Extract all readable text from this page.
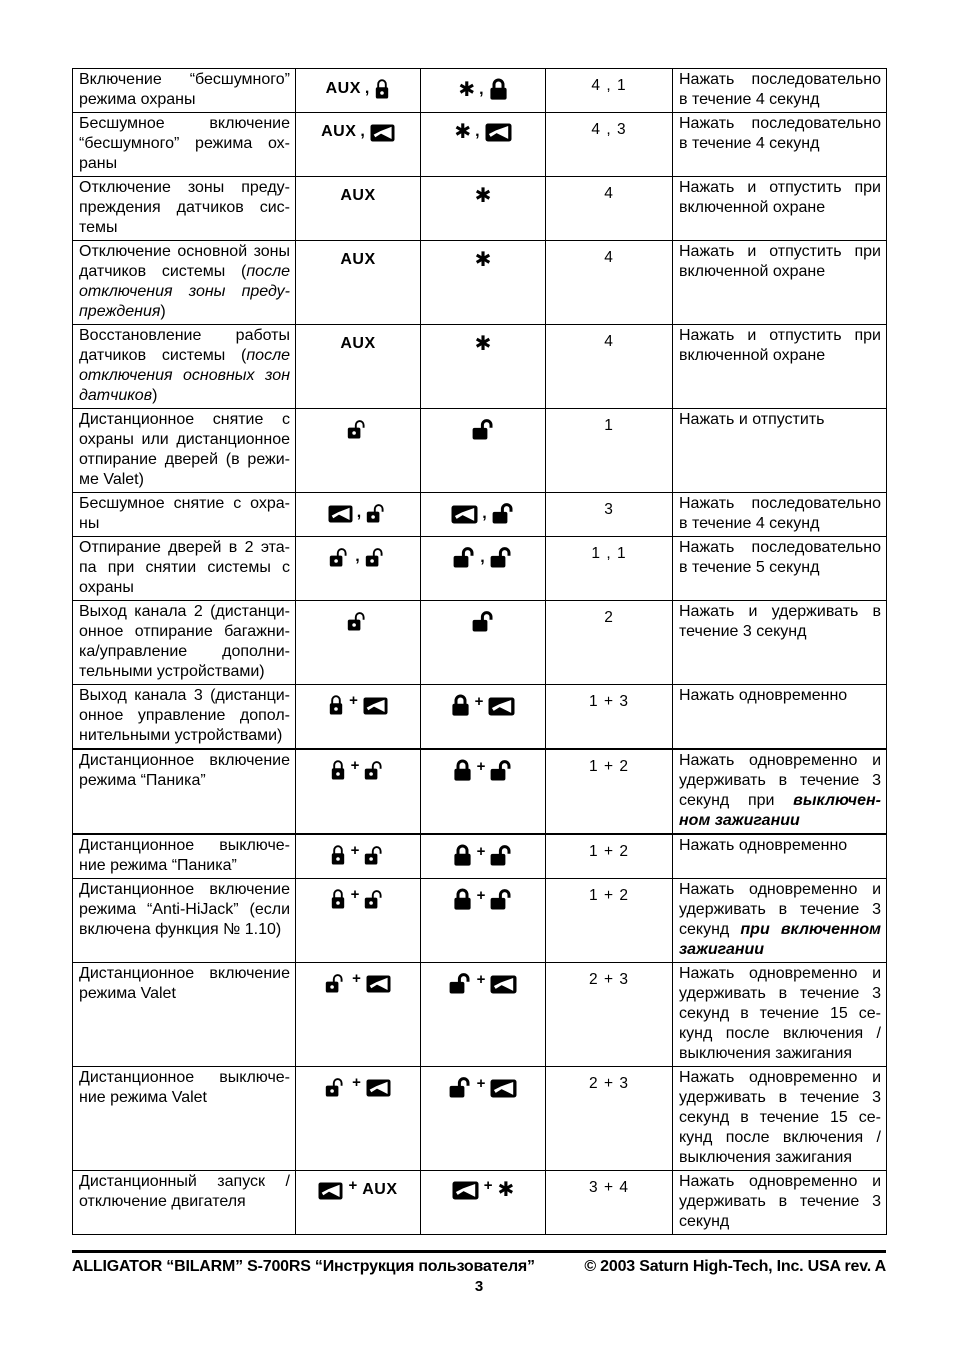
Включение “бесшумного”
режима охраны
	AUX ,	✱ ,	4 , 1	Нажать последовательно
в течение 4 секунд

Бесшумное включение
“бесшумного” режима ох-
раны
	AUX ,	✱ ,	4 , 3	Нажать последовательно
в течение 4 секунд

Отключение зоны преду-
преждения датчиков сис-
темы
	AUX	✱	4	Нажать и отпустить при
включенной охране

Отключение основной зоны
датчиков системы (после
отключения зоны преду-
преждения)
	AUX	✱	4	Нажать и отпустить при
включенной охране

Восстановление работы
датчиков системы (после
отключения основных зон
датчиков)
	AUX	✱	4	Нажать и отпустить при
включенной охране

Дистанционное снятие с
охраны или дистанционное
отпирание дверей (в режи-
ме Valet)			1	Нажать и отпустить

Бесшумное снятие с охра-
ны
	,	,	3	Нажать последовательно
в течение 4 секунд

Отпирание дверей в 2 эта-
па при снятии системы с
охраны
	,	,	1 , 1	Нажать последовательно
в течение 5 секунд

Выход канала 2 (дистанци-
онное отпирание багажни-
ка/управление дополни-
тельными устройствами)
			2	Нажать и удерживать в
течение 3 секунд

Выход канала 3 (дистанци-
онное управление допол-
нительными устройствами)	+	+	1 + 3	Нажать одновременно

Дистанционное включение
режима “Паника”
	+	+	1 + 2	Нажать одновременно и
удерживать в течение 3
секунд при выключен-
ном зажигании

Дистанционное выключе-
ние режима “Паника”	+	+	1 + 2	Нажать одновременно

Дистанционное включение
режима “Anti-HiJack” (если
включена функция № 1.10)
	+	+	1 + 2	Нажать одновременно и
удерживать в течение 3
секунд при включенном
зажигании

Дистанционное включение
режима Valet
	+	+	2 + 3	Нажать одновременно и
удерживать в течение 3
секунд в течение 15 се-
кунд после включения /
выключения зажигания

Дистанционное выключе-
ние режима Valet
	+	+	2 + 3	Нажать одновременно и
удерживать в течение 3
секунд в течение 15 се-
кунд после включения /
выключения зажигания

Дистанционный запуск /
отключение двигателя
	+ AUX	+ ✱	3 + 4	Нажать одновременно и
удерживать в течение 3
секунд
ALLIGATOR “BILARM” S-700RS “Инструкция пользователя”	© 2003 Saturn High-Tech, Inc. USA rev. A
3
